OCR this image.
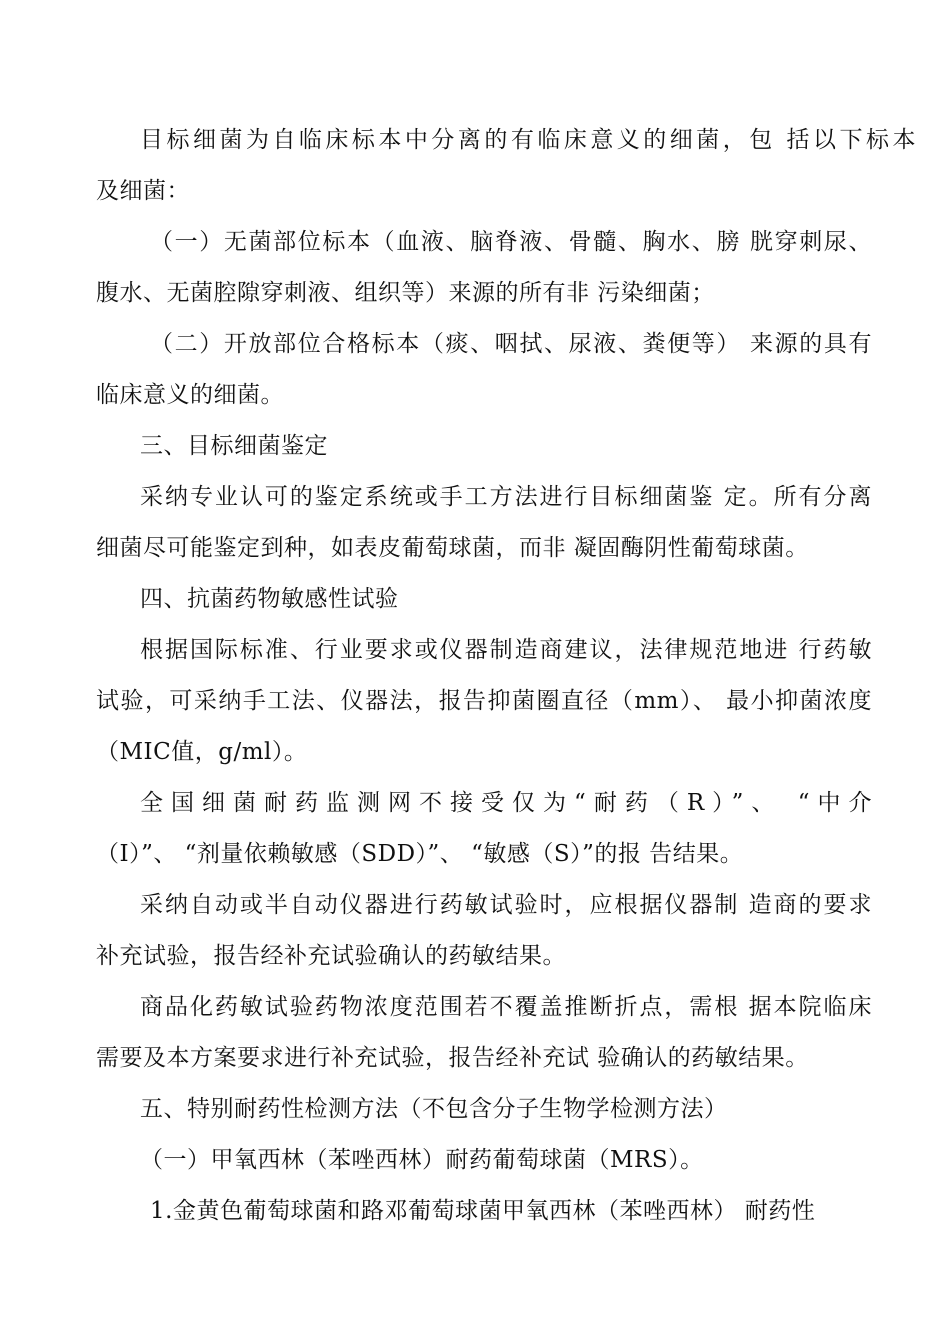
目标细菌为自临床标本中分离的有临床意义的细菌，包 括以下标本
及细菌：
（一）无菌部位标本（血液、脑脊液、骨髓、胸水、膀 胱穿刺尿、
腹水、无菌腔隙穿刺液、组织等）来源的所有非 污染细菌；
（二）开放部位合格标本（痰、咽拭、尿液、粪便等） 来源的具有
临床意义的细菌。
三、目标细菌鉴定
采纳专业认可的鉴定系统或手工方法进行目标细菌鉴 定。所有分离
细菌尽可能鉴定到种，如表皮葡萄球菌，而非 凝固酶阴性葡萄球菌。
四、抗菌药物敏感性试验
根据国际标准、行业要求或仪器制造商建议，法律规范地进 行药敏
试验，可采纳手工法、仪器法，报告抑菌圈直径（mm）、 最小抑菌浓度
（MIC值，g/ml）。
全国细菌耐药监测网不接受仅为“耐药（R）”、 “中介
（I）”、 “剂量依赖敏感（SDD）”、 “敏感（S）”的报 告结果。
采纳自动或半自动仪器进行药敏试验时，应根据仪器制 造商的要求
补充试验，报告经补充试验确认的药敏结果。
商品化药敏试验药物浓度范围若不覆盖推断折点，需根 据本院临床
需要及本方案要求进行补充试验，报告经补充试 验确认的药敏结果。
五、特别耐药性检测方法（不包含分子生物学检测方法）
（一）甲氧西林（苯唑西林）耐药葡萄球菌（MRS）。
1.金黄色葡萄球菌和路邓葡萄球菌甲氧西林（苯唑西林） 耐药性
